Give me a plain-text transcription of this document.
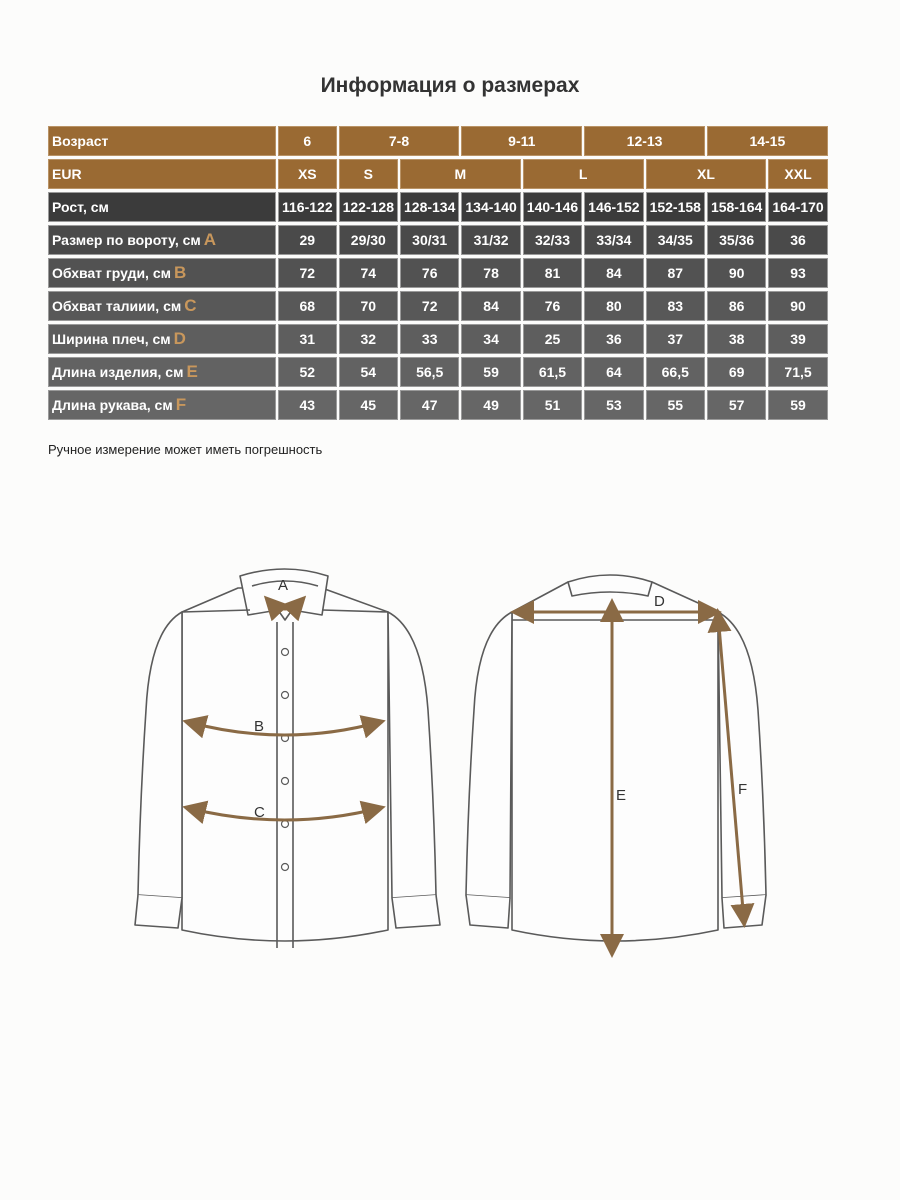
Информация о размерах
Возраст	6	7-8		9-11		12-13		14-15	
EUR	XS	S	M		L		XL		XXL
Рост, см	116-122	122-128	128-134	134-140	140-146	146-152	152-158	158-164	164-170
Размер по вороту, см A	29	29/30	30/31	31/32	32/33	33/34	34/35	35/36	36
Обхват груди, см B	72	74	76	78	81	84	87	90	93
Обхват талиии, см C	68	70	72	84	76	80	83	86	90
Ширина плеч, см D	31	32	33	34	25	36	37	38	39
Длина изделия, см E	52	54	56,5	59	61,5	64	66,5	69	71,5
Длина рукава, см F	43	45	47	49	51	53	55	57	59
Ручное измерение может иметь погрешность
A
B
C
D
E	F
